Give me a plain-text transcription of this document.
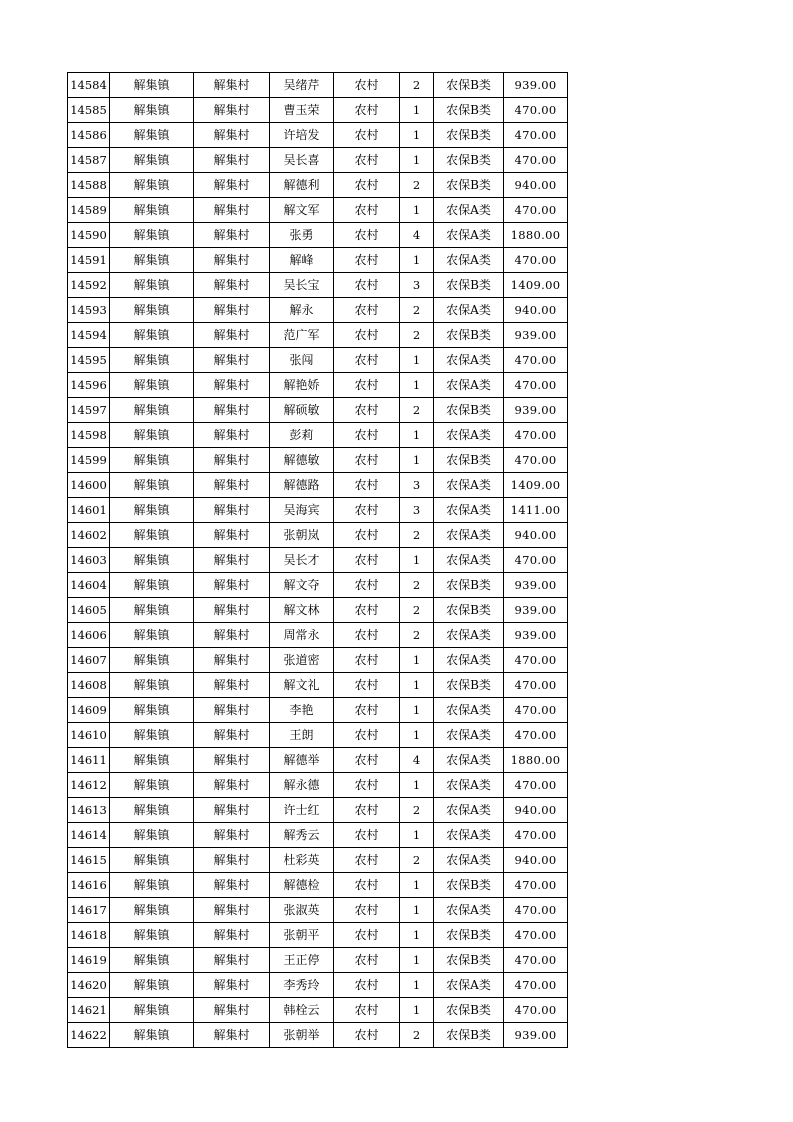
14584	解集镇	解集村	吴绪芹	农村	2	农保B类	939.00
14585	解集镇	解集村	曹玉荣	农村	1	农保B类	470.00
14586	解集镇	解集村	许培发	农村	1	农保B类	470.00
14587	解集镇	解集村	吴长喜	农村	1	农保B类	470.00
14588	解集镇	解集村	解德利	农村	2	农保B类	940.00
14589	解集镇	解集村	解文军	农村	1	农保A类	470.00
14590	解集镇	解集村	张勇	农村	4	农保A类	1880.00
14591	解集镇	解集村	解峰	农村	1	农保A类	470.00
14592	解集镇	解集村	吴长宝	农村	3	农保B类	1409.00
14593	解集镇	解集村	解永	农村	2	农保A类	940.00
14594	解集镇	解集村	范广军	农村	2	农保B类	939.00
14595	解集镇	解集村	张闯	农村	1	农保A类	470.00
14596	解集镇	解集村	解艳娇	农村	1	农保A类	470.00
14597	解集镇	解集村	解硕敏	农村	2	农保B类	939.00
14598	解集镇	解集村	彭莉	农村	1	农保A类	470.00
14599	解集镇	解集村	解德敏	农村	1	农保B类	470.00
14600	解集镇	解集村	解德路	农村	3	农保A类	1409.00
14601	解集镇	解集村	吴海宾	农村	3	农保A类	1411.00
14602	解集镇	解集村	张朝岚	农村	2	农保A类	940.00
14603	解集镇	解集村	吴长才	农村	1	农保A类	470.00
14604	解集镇	解集村	解文夺	农村	2	农保B类	939.00
14605	解集镇	解集村	解文林	农村	2	农保B类	939.00
14606	解集镇	解集村	周常永	农村	2	农保A类	939.00
14607	解集镇	解集村	张道密	农村	1	农保A类	470.00
14608	解集镇	解集村	解文礼	农村	1	农保B类	470.00
14609	解集镇	解集村	李艳	农村	1	农保A类	470.00
14610	解集镇	解集村	王朗	农村	1	农保A类	470.00
14611	解集镇	解集村	解德举	农村	4	农保A类	1880.00
14612	解集镇	解集村	解永德	农村	1	农保A类	470.00
14613	解集镇	解集村	许士红	农村	2	农保A类	940.00
14614	解集镇	解集村	解秀云	农村	1	农保A类	470.00
14615	解集镇	解集村	杜彩英	农村	2	农保A类	940.00
14616	解集镇	解集村	解德检	农村	1	农保B类	470.00
14617	解集镇	解集村	张淑英	农村	1	农保A类	470.00
14618	解集镇	解集村	张朝平	农村	1	农保B类	470.00
14619	解集镇	解集村	王正停	农村	1	农保B类	470.00
14620	解集镇	解集村	李秀玲	农村	1	农保A类	470.00
14621	解集镇	解集村	韩栓云	农村	1	农保B类	470.00
14622	解集镇	解集村	张朝举	农村	2	农保B类	939.00
